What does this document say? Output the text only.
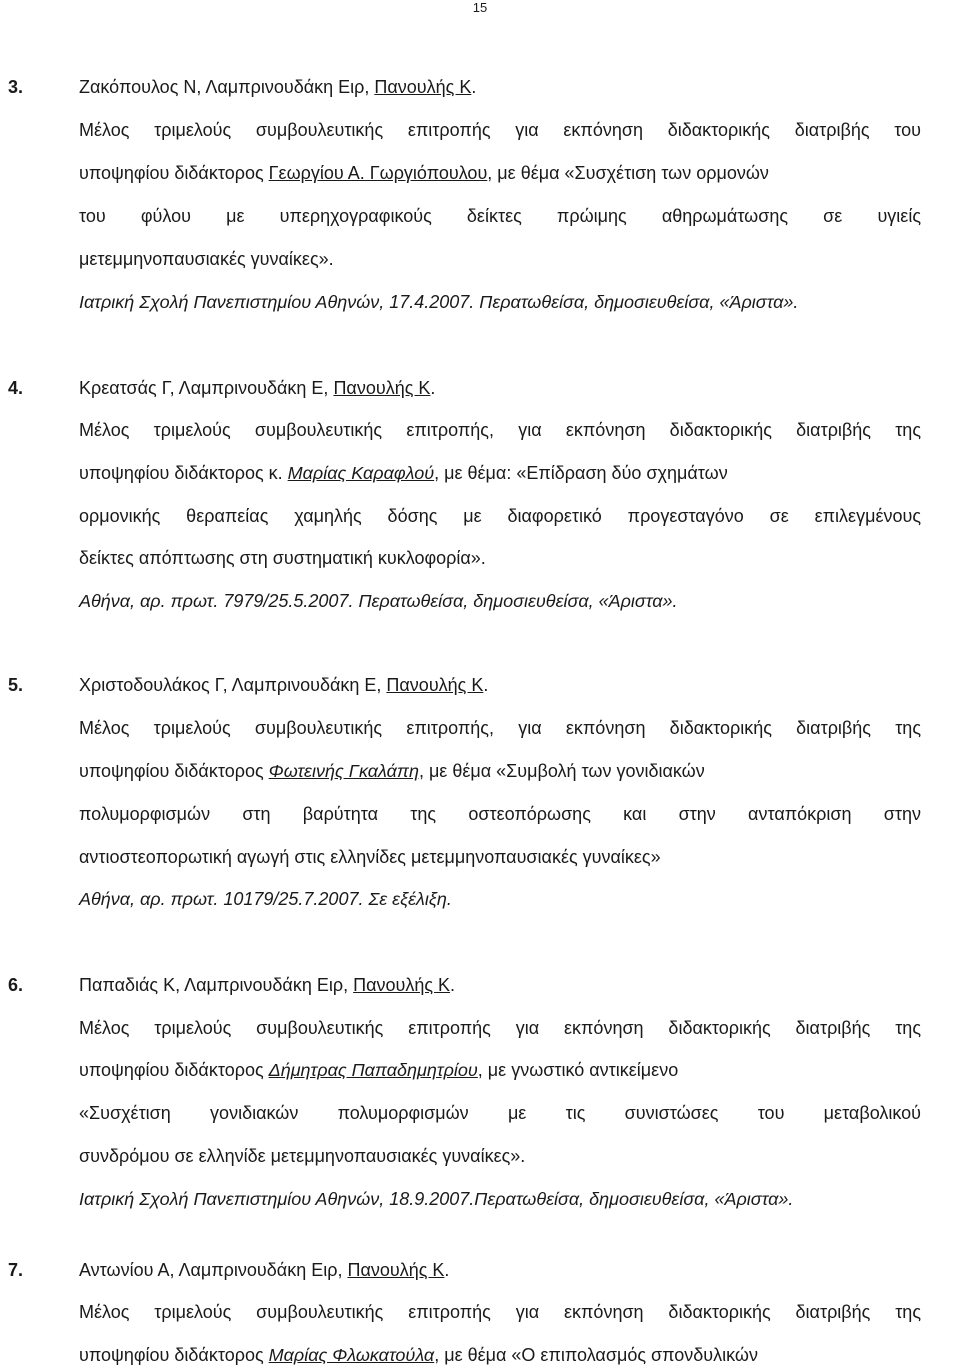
15
3.	Ζακόπουλος Ν, Λαμπρινουδάκη Ειρ, Πανουλής Κ.
Μέλος τριμελούς συμβουλευτικής επιτροπής για εκπόνηση διδακτορικής διατριβής του
υποψηφίου διδάκτορος Γεωργίου Α. Γωργιόπουλου, με θέμα «Συσχέτιση των ορμονών
του φύλου με υπερηχογραφικούς δείκτες πρώιμης αθηρωμάτωσης σε υγιείς
μετεμμηνοπαυσιακές γυναίκες».
Ιατρική Σχολή Πανεπιστημίου Αθηνών, 17.4.2007. Περατωθείσα, δημοσιευθείσα, «Άριστα».
4.	Κρεατσάς Γ, Λαμπρινουδάκη Ε, Πανουλής Κ.
Μέλος τριμελούς συμβουλευτικής επιτροπής, για εκπόνηση διδακτορικής διατριβής της
υποψηφίου διδάκτορος κ. Μαρίας Καραφλού, με θέμα: «Επίδραση δύο σχημάτων
ορμονικής θεραπείας χαμηλής δόσης με διαφορετικό προγεσταγόνο σε επιλεγμένους
δείκτες απόπτωσης στη συστηματική κυκλοφορία».
Αθήνα, αρ. πρωτ. 7979/25.5.2007. Περατωθείσα, δημοσιευθείσα, «Άριστα».
5.	Χριστοδουλάκος Γ, Λαμπρινουδάκη Ε, Πανουλής Κ.
Μέλος τριμελούς συμβουλευτικής επιτροπής, για εκπόνηση διδακτορικής διατριβής της
υποψηφίου διδάκτορος Φωτεινής Γκαλάπη, με θέμα «Συμβολή των γονιδιακών
πολυμορφισμών στη βαρύτητα της οστεοπόρωσης και στην ανταπόκριση στην
αντιοστεοπορωτική αγωγή στις ελληνίδες μετεμμηνοπαυσιακές γυναίκες»
Αθήνα, αρ. πρωτ. 10179/25.7.2007. Σε εξέλιξη.
6.	Παπαδιάς Κ, Λαμπρινουδάκη Ειρ, Πανουλής Κ.
Μέλος τριμελούς συμβουλευτικής επιτροπής για εκπόνηση διδακτορικής διατριβής της
υποψηφίου διδάκτορος Δήμητρας Παπαδημητρίου, με γνωστικό αντικείμενο
«Συσχέτιση γονιδιακών πολυμορφισμών με τις συνιστώσες του μεταβολικού
συνδρόμου σε ελληνίδε μετεμμηνοπαυσιακές γυναίκες».
Ιατρική Σχολή Πανεπιστημίου Αθηνών, 18.9.2007.Περατωθείσα, δημοσιευθείσα, «Άριστα».
7.	Αντωνίου Α, Λαμπρινουδάκη Ειρ, Πανουλής Κ.
Μέλος τριμελούς συμβουλευτικής επιτροπής για εκπόνηση διδακτορικής διατριβής της
υποψηφίου διδάκτορος Μαρίας Φλωκατούλα, με θέμα «Ο επιπολασμός σπονδυλικών
